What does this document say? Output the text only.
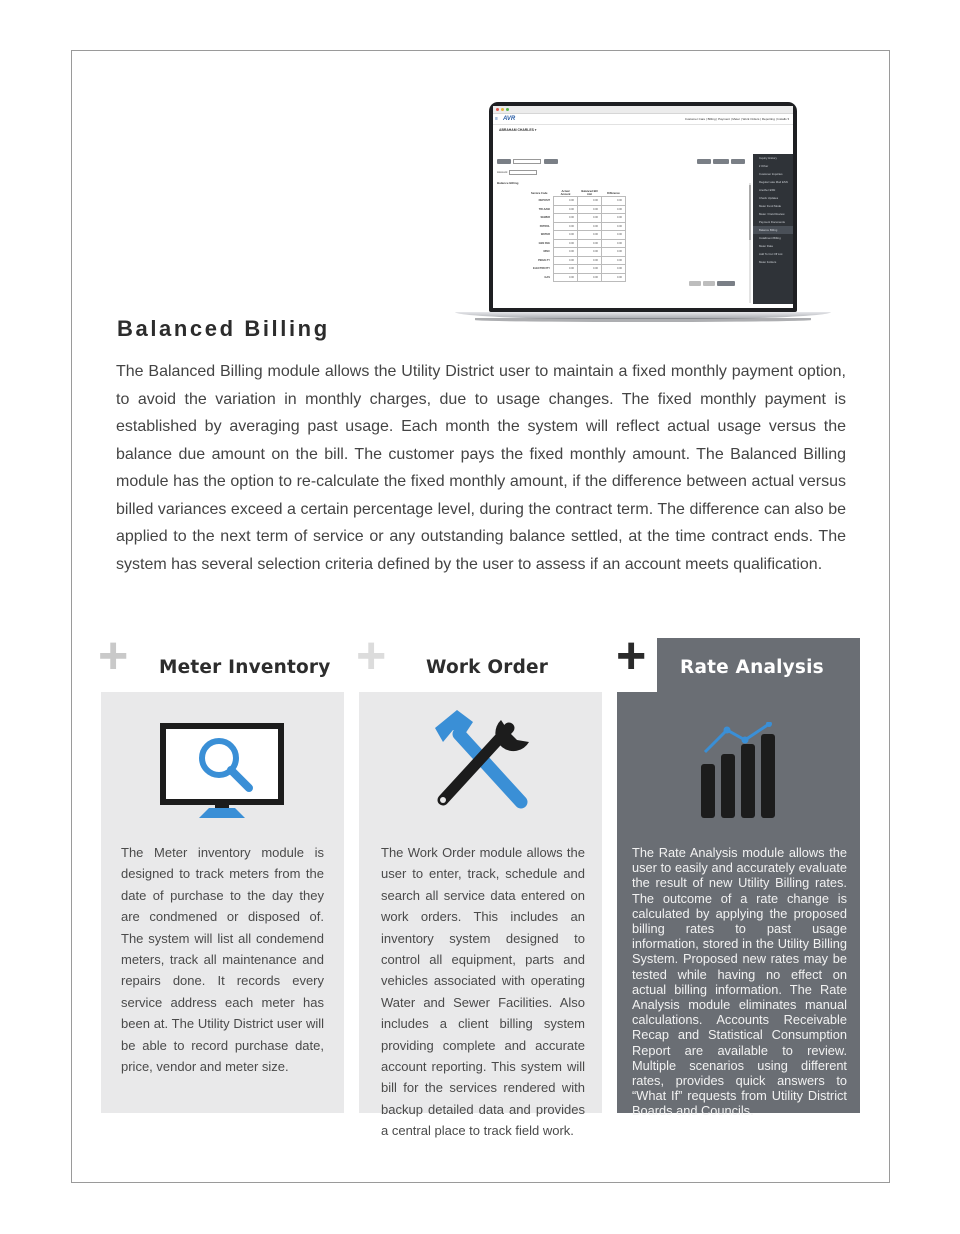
≡ AVR	Customer Care | Billing | Payment | Meter | Work Orders | Reporting | Installs ▾
ABRAHAM CHARLES ▾
Account:
Balance Billing
Service Code	Actual Amount	Balanced Bill Amt	Difference
DEPOSIT	0.00	0.00	0.00
TRI-SANI	0.00	0.00	0.00
SEWER	0.00	0.00	0.00
PATROL	0.00	0.00	0.00
WATER	0.00	0.00	0.00
GEN FEE	0.00	0.00	0.00
MISC	0.00	0.00	0.00
PENALTY	0.00	0.00	0.00
ELECTRICITY	0.00	0.00	0.00
GAS	0.00	0.00	0.00
Inquiry History
▾ Other
Customer Inquiries
Regular Late Mod ESN
Another ESN
Check Updates
Meter Fund Mode
Meter / Field Review
Payment Documents
Balance Billing
Installment Billing
Meter Data
Add To Cut Off List
Meter Folders
Balanced Billing

The Balanced Billing module allows the Utility District user to maintain a fixed monthly payment option, to avoid the variation in monthly charges, due to usage changes. The fixed monthly payment is established by averaging past usage. Each month the system will reflect actual usage versus the balance due amount on the bill. The customer pays the fixed monthly amount. The Balanced Billing module has the option to re-calculate the fixed monthly amount, if the difference between actual versus billed variances exceed a certain percentage level, during the contract term. The difference can also be applied to the next term of service or any outstanding balance settled, at the time contract ends. The system has several selection criteria defined by the user to assess if an account meets qualification.

+ Meter Inventory

The Meter inventory module is designed to track meters from the date of purchase to the day they are condmened or disposed of. The system will list all condemend meters, track all maintenance and repairs done. It records every service address each meter has been at. The Utility District user will be able to record purchase date, price, vendor and meter size.

+ Work Order

The Work Order module allows the user to enter, track, schedule and search all service data entered on work orders. This includes an inventory system designed to control all equipment, parts and vehicles associated with operating Water and Sewer Facilities. Also includes a client billing system providing complete and accurate account reporting. This system will bill for the services rendered with backup detailed data and provides a central place to track field work.

+ Rate Analysis

The Rate Analysis module allows the user to easily and accurately evaluate the result of new Utility Billing rates. The outcome of a rate change is calculated by applying the proposed billing rates to past usage information, stored in the Utility Billing System. Proposed new rates may be tested while having no effect on actual billing information. The Rate Analysis module eliminates manual calculations. Accounts Receivable Recap and Statistical Consumption Report are available to review. Multiple scenarios using different rates, provides quick answers to “What If” requests from Utility District Boards and Councils.
